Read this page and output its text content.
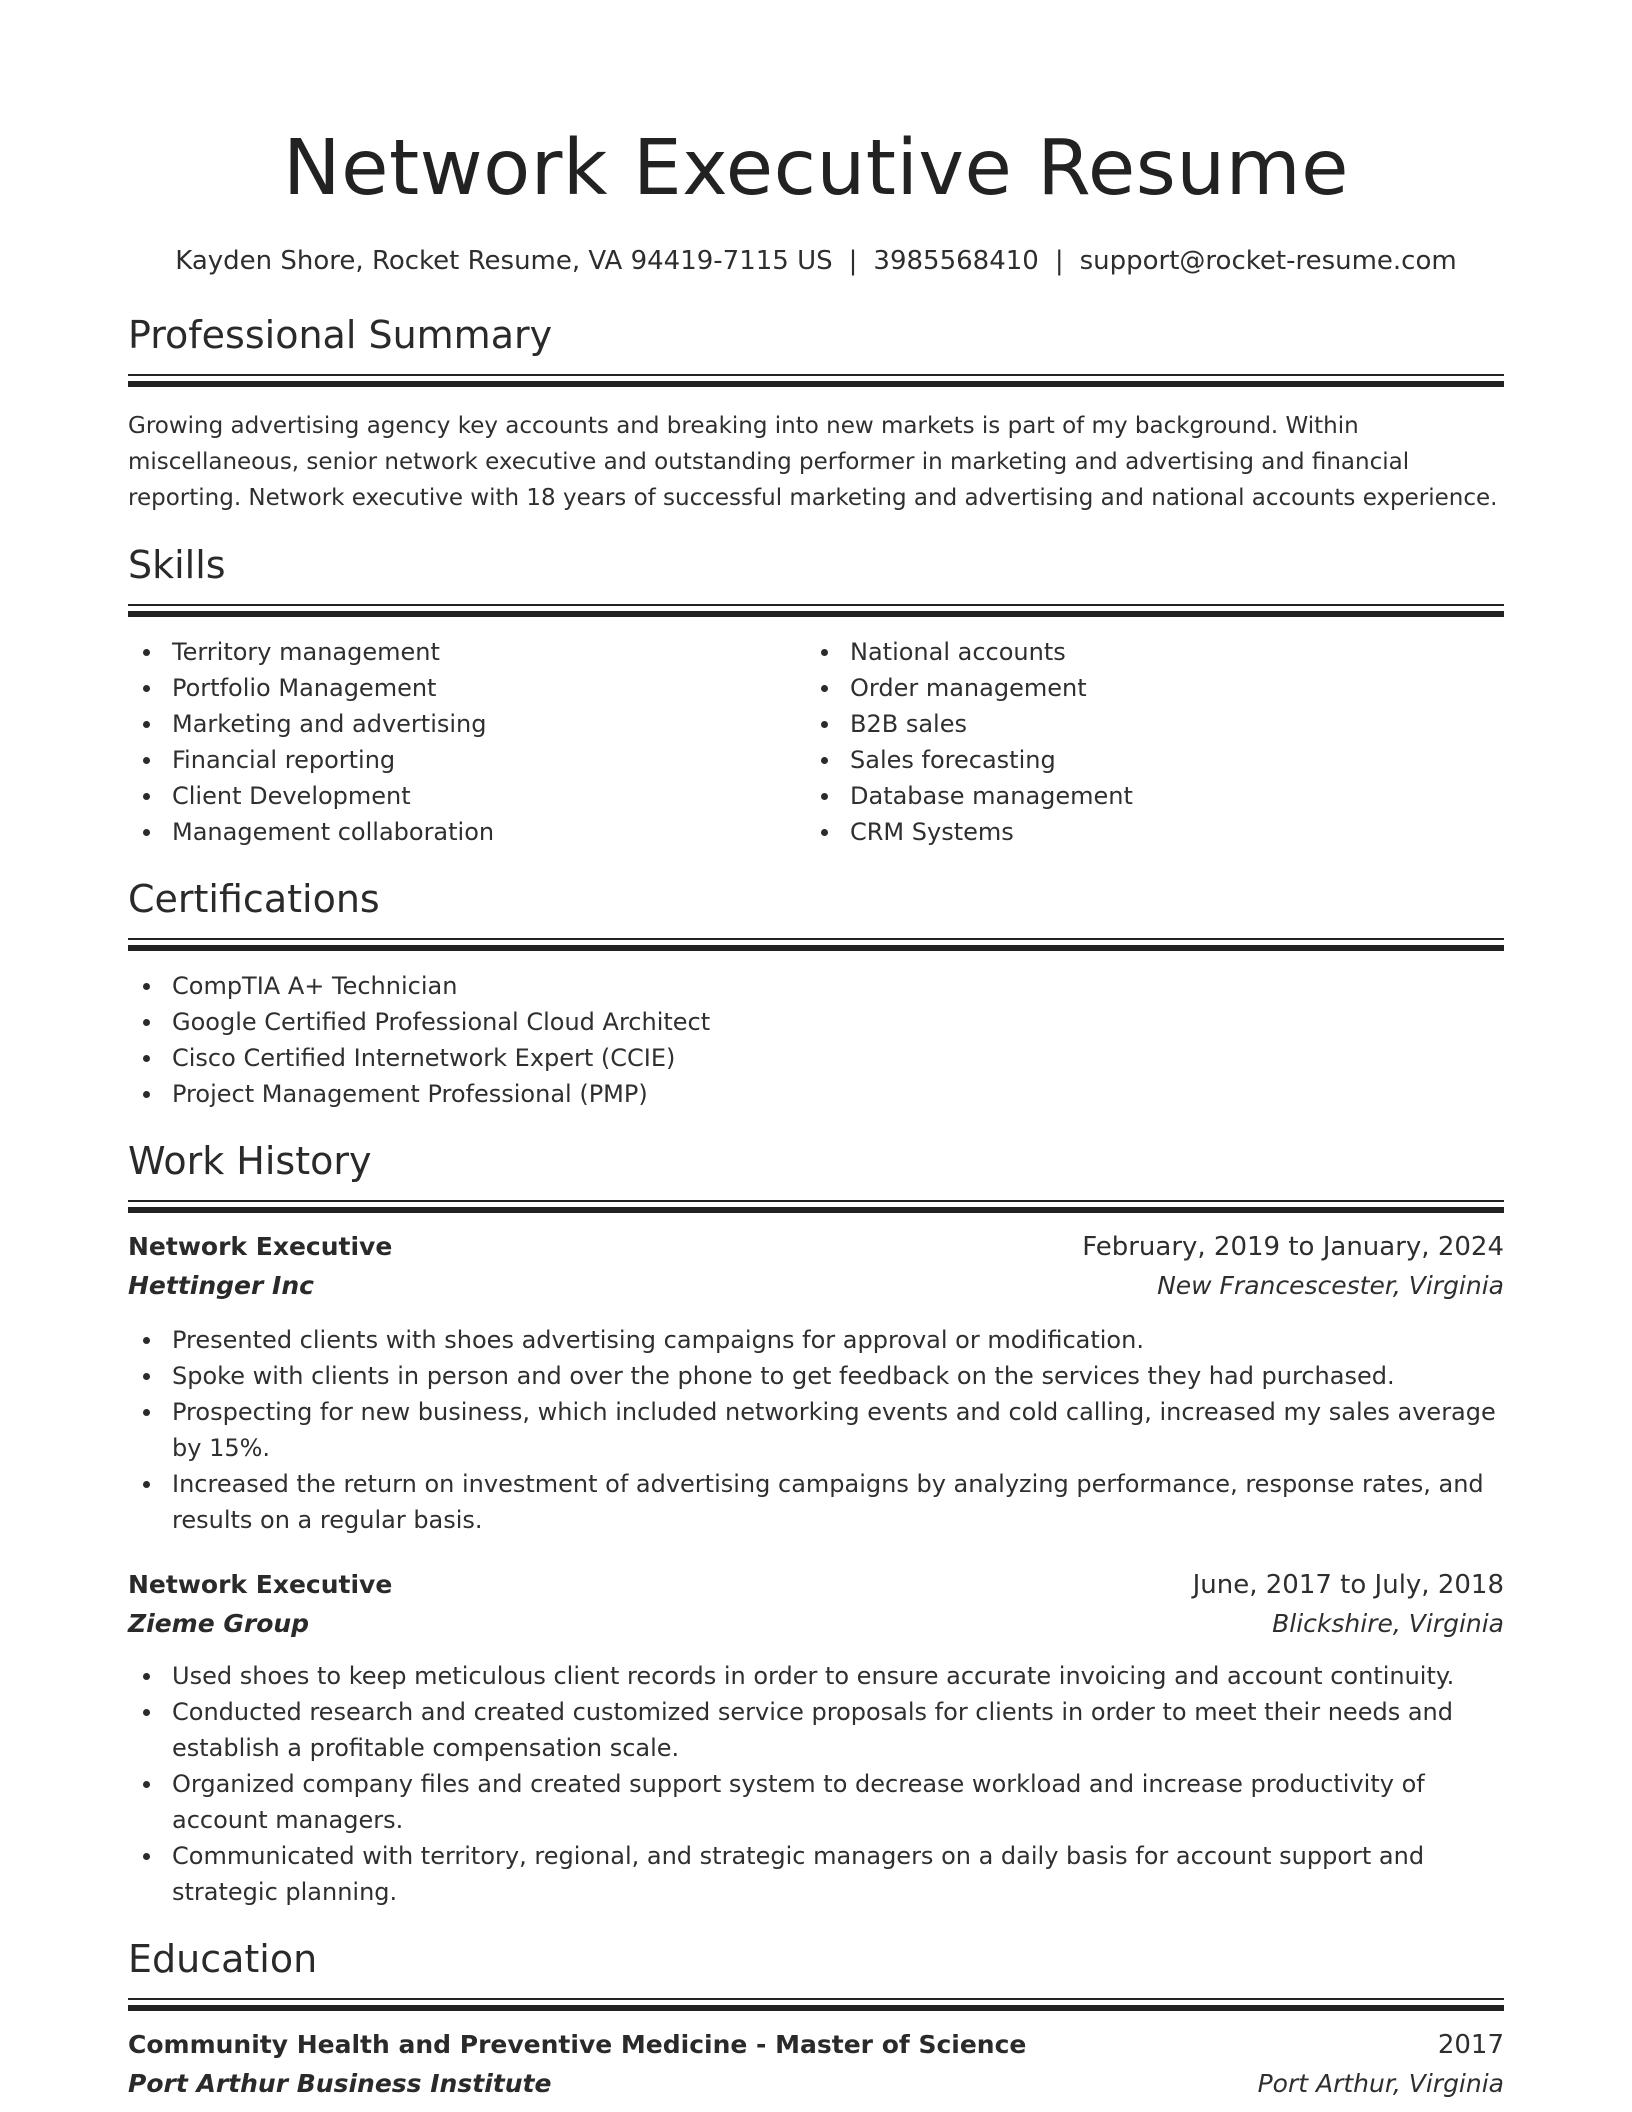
Network Executive Resume
Kayden Shore, Rocket Resume, VA 94419-7115 US | 3985568410 | support@rocket-resume.com
Professional Summary
Growing advertising agency key accounts and breaking into new markets is part of my background. Within miscellaneous, senior network executive and outstanding performer in marketing and advertising and financial reporting. Network executive with 18 years of successful marketing and advertising and national accounts experience.
Skills
Territory management
Portfolio Management
Marketing and advertising
Financial reporting
Client Development
Management collaboration
National accounts
Order management
B2B sales
Sales forecasting
Database management
CRM Systems
Certifications
CompTIA A+ Technician
Google Certified Professional Cloud Architect
Cisco Certified Internetwork Expert (CCIE)
Project Management Professional (PMP)
Work History
Network Executive	February, 2019 to January, 2024
Hettinger Inc	New Francescester, Virginia
Presented clients with shoes advertising campaigns for approval or modification.
Spoke with clients in person and over the phone to get feedback on the services they had purchased.
Prospecting for new business, which included networking events and cold calling, increased my sales average by 15%.
Increased the return on investment of advertising campaigns by analyzing performance, response rates, and results on a regular basis.
Network Executive	June, 2017 to July, 2018
Zieme Group	Blickshire, Virginia
Used shoes to keep meticulous client records in order to ensure accurate invoicing and account continuity.
Conducted research and created customized service proposals for clients in order to meet their needs and establish a profitable compensation scale.
Organized company files and created support system to decrease workload and increase productivity of account managers.
Communicated with territory, regional, and strategic managers on a daily basis for account support and strategic planning.
Education
Community Health and Preventive Medicine - Master of Science	2017
Port Arthur Business Institute	Port Arthur, Virginia
